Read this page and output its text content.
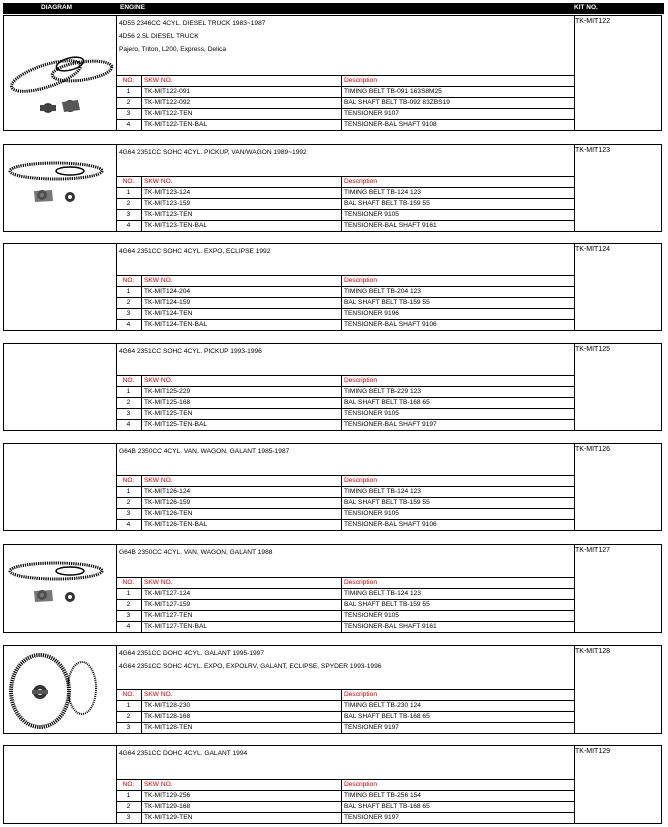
DIAGRAM	ENGINE	KIT NO.
4D55 2346CC 4CYL. DIESEL TRUCK 1983~1987
4D56 2.5L DIESEL TRUCK
Pajero, Triton, L200, Express, Delica
NO.	SKW NO.	Description
1	TK-MIT122-091	TIMING BELT TB-091 163S8M25
2	TK-MIT122-092	BAL SHAFT BELT TB-092 83ZBS19
3	TK-MIT122-TEN	TENSIONER 9107
4	TK-MIT122-TEN-BAL	TENSIONER-BAL SHAFT 9108
TK-MIT122
4G64 2351CC SOHC 4CYL. PICKUP, VAN/WAGON 1989~1992
NO.	SKW NO.	Description
1	TK-MIT123-124	TIMING BELT TB-124 123
2	TK-MIT123-159	BAL SHAFT BELT TB-159 55
3	TK-MIT123-TEN	TENSIONER 9105
4	TK-MIT123-TEN-BAL	TENSIONER-BAL SHAFT 9161
TK-MIT123
4G64 2351CC SOHC 4CYL. EXPO, ECLIPSE 1992
NO.	SKW NO.	Description
1	TK-MIT124-204	TIMING BELT TB-204 123
2	TK-MIT124-159	BAL SHAFT BELT TB-159 55
3	TK-MIT124-TEN	TENSIONER 9196
4	TK-MIT124-TEN-BAL	TENSIONER-BAL SHAFT 9106
TK-MIT124
4G64 2351CC SOHC 4CYL. PICKUP 1993-1996
NO.	SKW NO.	Description
1	TK-MIT125-229	TIMING BELT TB-229 123
2	TK-MIT125-168	BAL SHAFT BELT TB-168 65
3	TK-MIT125-TEN	TENSIONER 9105
4	TK-MIT125-TEN-BAL	TENSIONER-BAL SHAFT 9197
TK-MIT125
G64B 2350CC 4CYL. VAN, WAGON, GALANT 1985-1987
NO.	SKW NO.	Description
1	TK-MIT126-124	TIMING BELT TB-124 123
2	TK-MIT126-159	BAL SHAFT BELT TB-159 55
3	TK-MIT126-TEN	TENSIONER 9105
4	TK-MIT126-TEN-BAL	TENSIONER-BAL SHAFT 9106
TK-MIT126
G64B 2350CC 4CYL. VAN, WAGON, GALANT 1988
NO.	SKW NO.	Description
1	TK-MIT127-124	TIMING BELT TB-124 123
2	TK-MIT127-159	BAL SHAFT BELT TB-159 55
3	TK-MIT127-TEN	TENSIONER 9105
4	TK-MIT127-TEN-BAL	TENSIONER-BAL SHAFT 9161
TK-MIT127
4G64 2351CC DOHC 4CYL. GALANT 1995-1997
4G64 2351CC SOHC 4CYL. EXPO, EXPOLRV, GALANT, ECLIPSE, SPYDER 1993-1996
NO.	SKW NO.	Description
1	TK-MIT128-230	TIMING BELT TB-230 124
2	TK-MIT128-168	BAL SHAFT BELT TB-168 65
3	TK-MIT128-TEN	TENSIONER 9197
TK-MIT128
4G64 2351CC DOHC 4CYL. GALANT 1994
NO.	SKW NO.	Description
1	TK-MIT129-256	TIMING BELT TB-256 154
2	TK-MIT129-168	BAL SHAFT BELT TB-168 65
3	TK-MIT129-TEN	TENSIONER 9197
TK-MIT129
